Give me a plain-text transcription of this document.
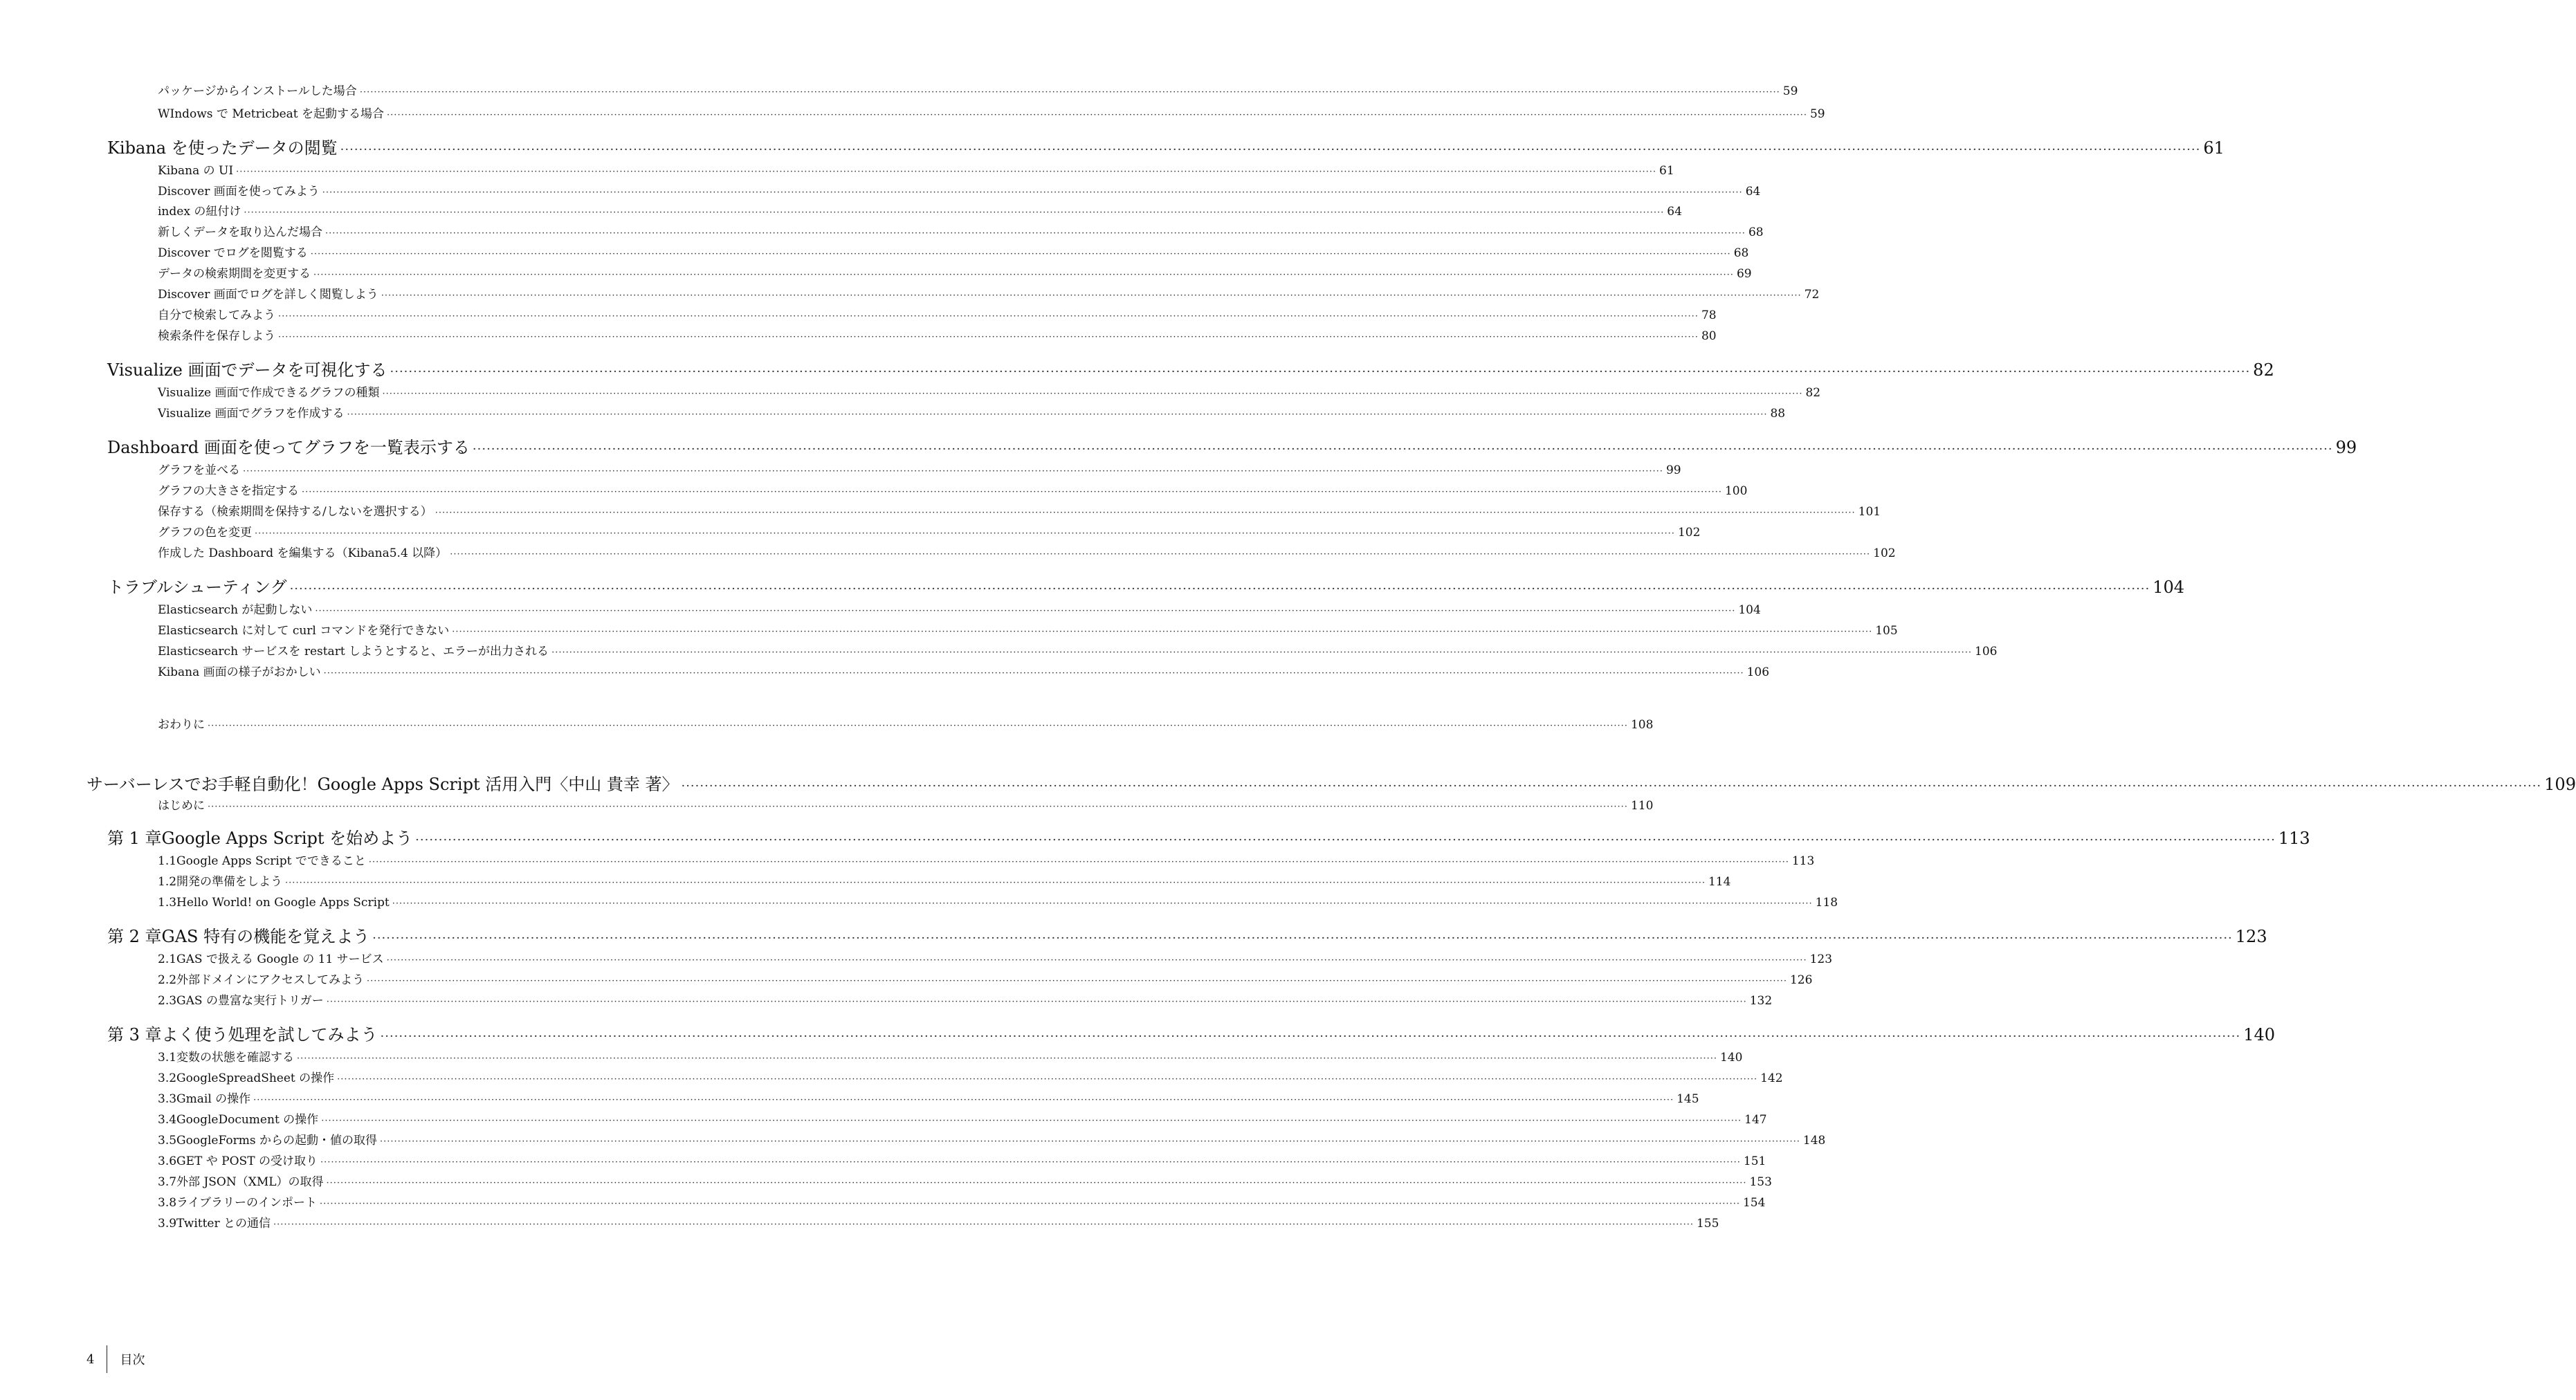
パッケージからインストールした場合 ················································································································································································································································································································································································································ 59
WIndows で Metricbeat を起動する場合 ················································································································································································································································································································································································································ 59
Kibana を使ったデータの閲覧 ················································································································································································································································································································································································································ 61
Kibana の UI ················································································································································································································································································································································································································ 61
Discover 画面を使ってみよう ················································································································································································································································································································································································································ 64
index の紐付け ················································································································································································································································································································································································································ 64
新しくデータを取り込んだ場合 ················································································································································································································································································································································································································ 68
Discover でログを閲覧する ················································································································································································································································································································································································································ 68
データの検索期間を変更する ················································································································································································································································································································································································································ 69
Discover 画面でログを詳しく閲覧しよう ················································································································································································································································································································································································································ 72
自分で検索してみよう ················································································································································································································································································································································································································ 78
検索条件を保存しよう ················································································································································································································································································································································································································ 80
Visualize 画面でデータを可視化する ················································································································································································································································································································································································································ 82
Visualize 画面で作成できるグラフの種類 ················································································································································································································································································································································································································ 82
Visualize 画面でグラフを作成する ················································································································································································································································································································································································································ 88
Dashboard 画面を使ってグラフを一覧表示する ················································································································································································································································································································································································································ 99
グラフを並べる ················································································································································································································································································································································································································ 99
グラフの大きさを指定する ················································································································································································································································································································································································································ 100
保存する（検索期間を保持する/しないを選択する） ················································································································································································································································································································································································································ 101
グラフの色を変更 ················································································································································································································································································································································································································ 102
作成した Dashboard を編集する（Kibana5.4 以降） ················································································································································································································································································································································································································ 102
トラブルシューティング ················································································································································································································································································································································································································ 104
Elasticsearch が起動しない ················································································································································································································································································································································································································ 104
Elasticsearch に対して curl コマンドを発行できない ················································································································································································································································································································································································································ 105
Elasticsearch サービスを restart しようとすると、エラーが出力される ················································································································································································································································································································································································································ 106
Kibana 画面の様子がおかしい ················································································································································································································································································································································································································ 106
おわりに ················································································································································································································································································································································································································ 108
サーバーレスでお手軽自動化！Google Apps Script 活用入門〈中山 貴幸 著〉 ················································································································································································································································································································································································································ 109
はじめに ················································································································································································································································································································································································································ 110
第 1 章 Google Apps Script を始めよう ················································································································································································································································································································································································································ 113
1.1 Google Apps Script でできること ················································································································································································································································································································································································································ 113
1.2 開発の準備をしよう ················································································································································································································································································································································································································ 114
1.3 Hello World! on Google Apps Script ················································································································································································································································································································································································································ 118
第 2 章 GAS 特有の機能を覚えよう ················································································································································································································································································································································································································ 123
2.1 GAS で扱える Google の 11 サービス ················································································································································································································································································································································································································ 123
2.2 外部ドメインにアクセスしてみよう ················································································································································································································································································································································································································ 126
2.3 GAS の豊富な実行トリガー ················································································································································································································································································································································································································ 132
第 3 章 よく使う処理を試してみよう ················································································································································································································································································································································································································ 140
3.1 変数の状態を確認する ················································································································································································································································································································································································································ 140
3.2 GoogleSpreadSheet の操作 ················································································································································································································································································································································································································ 142
3.3 Gmail の操作 ················································································································································································································································································································································································································ 145
3.4 GoogleDocument の操作 ················································································································································································································································································································································································································ 147
3.5 GoogleForms からの起動・値の取得 ················································································································································································································································································································································································································ 148
3.6 GET や POST の受け取り ················································································································································································································································································································································································································ 151
3.7 外部 JSON（XML）の取得 ················································································································································································································································································································································································································ 153
3.8 ライブラリーのインポート ················································································································································································································································································································································································································ 154
3.9 Twitter との通信 ················································································································································································································································································································································································································ 155
4 目次
